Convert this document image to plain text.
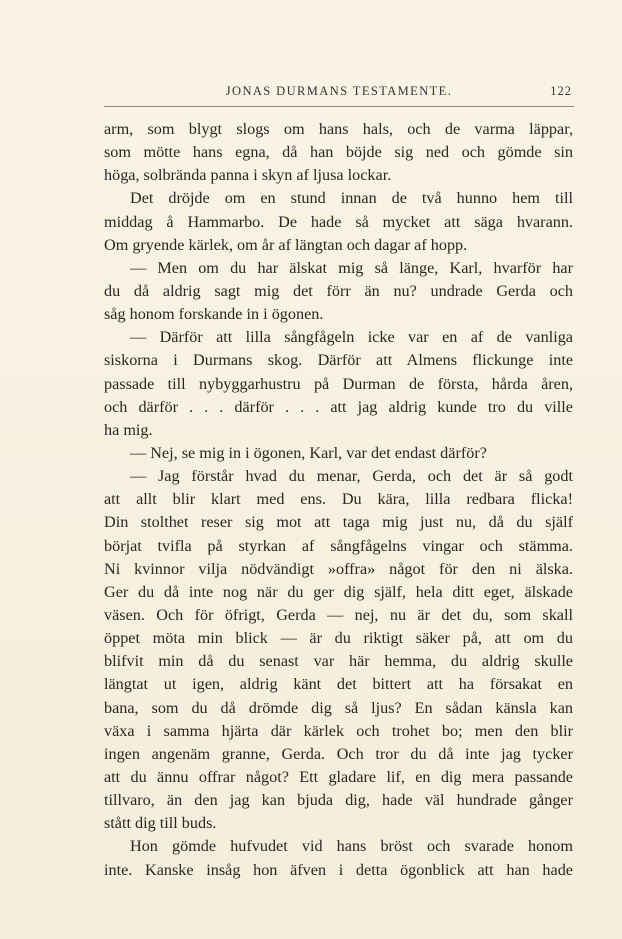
JONAS DURMANS TESTAMENTE.	122
arm, som blygt slogs om hans hals, och de varma läppar,
som mötte hans egna, då han böjde sig ned och gömde sin
höga, solbrända panna i skyn af ljusa lockar.
Det dröjde om en stund innan de två hunno hem till
middag å Hammarbo. De hade så mycket att säga hvarann.
Om gryende kärlek, om år af längtan och dagar af hopp.
— Men om du har älskat mig så länge, Karl, hvarför har
du då aldrig sagt mig det förr än nu? undrade Gerda och
såg honom forskande in i ögonen.
— Därför att lilla sångfågeln icke var en af de vanliga
siskorna i Durmans skog. Därför att Almens flickunge inte
passade till nybyggarhustru på Durman de första, hårda åren,
och därför . . . därför . . . att jag aldrig kunde tro du ville
ha mig.
— Nej, se mig in i ögonen, Karl, var det endast därför?
— Jag förstår hvad du menar, Gerda, och det är så godt
att allt blir klart med ens. Du kära, lilla redbara flicka!
Din stolthet reser sig mot att taga mig just nu, då du själf
börjat tvifla på styrkan af sångfågelns vingar och stämma.
Ni kvinnor vilja nödvändigt »offra» något för den ni älska.
Ger du då inte nog när du ger dig själf, hela ditt eget, älskade
väsen. Och för öfrigt, Gerda — nej, nu är det du, som skall
öppet möta min blick — är du riktigt säker på, att om du
blifvit min då du senast var här hemma, du aldrig skulle
längtat ut igen, aldrig känt det bittert att ha försakat en
bana, som du då drömde dig så ljus? En sådan känsla kan
växa i samma hjärta där kärlek och trohet bo; men den blir
ingen angenäm granne, Gerda. Och tror du då inte jag tycker
att du ännu offrar något? Ett gladare lif, en dig mera passande
tillvaro, än den jag kan bjuda dig, hade väl hundrade gånger
stått dig till buds.
Hon gömde hufvudet vid hans bröst och svarade honom
inte. Kanske insåg hon äfven i detta ögonblick att han hade
